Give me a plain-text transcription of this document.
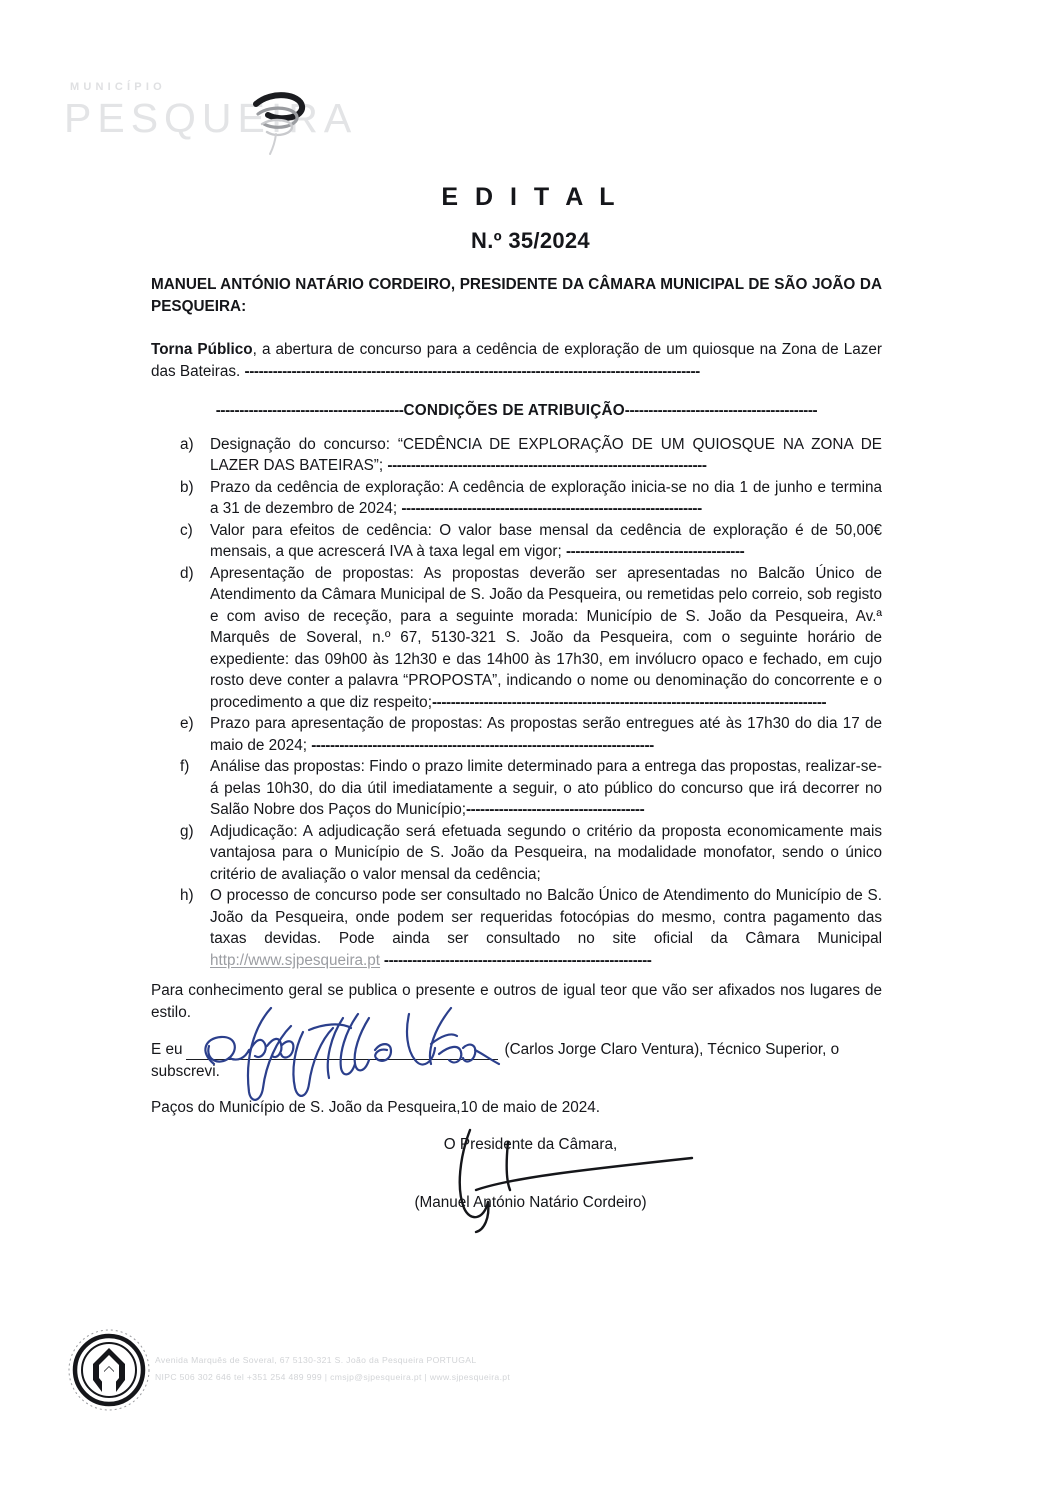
MUNICÍPIO
PESQUEIRA
E D I T A L
N.º 35/2024

MANUEL ANTÓNIO NATÁRIO CORDEIRO, PRESIDENTE DA CÂMARA MUNICIPAL DE SÃO JOÃO DA PESQUEIRA:

Torna Público, a abertura de concurso para a cedência de exploração de um quiosque na Zona de Lazer das Bateiras. -------------------------------------------------------------------------------------------------

----------------------------------------CONDIÇÕES DE ATRIBUIÇÃO-----------------------------------------
a)	Designação do concurso: “CEDÊNCIA DE EXPLORAÇÃO DE UM QUIOSQUE NA ZONA DE LAZER DAS BATEIRAS”; --------------------------------------------------------------------
b)	Prazo da cedência de exploração: A cedência de exploração inicia-se no dia 1 de junho e termina a 31 de dezembro de 2024; ----------------------------------------------------------------
c)	Valor para efeitos de cedência: O valor base mensal da cedência de exploração é de 50,00€ mensais, a que acrescerá IVA à taxa legal em vigor; --------------------------------------
d)	Apresentação de propostas: As propostas deverão ser apresentadas no Balcão Único de Atendimento da Câmara Municipal de S. João da Pesqueira, ou remetidas pelo correio, sob registo e com aviso de receção, para a seguinte morada: Município de S. João da Pesqueira, Av.ª Marquês de Soveral, n.º 67, 5130-321 S. João da Pesqueira, com o seguinte horário de expediente: das 09h00 às 12h30 e das 14h00 às 17h30, em invólucro opaco e fechado, em cujo rosto deve conter a palavra “PROPOSTA”, indicando o nome ou denominação do concorrente e o procedimento a que diz respeito;------------------------------------------------------------------------------------
e)	Prazo para apresentação de propostas: As propostas serão entregues até às 17h30 do dia 17 de maio de 2024; -------------------------------------------------------------------------
f)	Análise das propostas: Findo o prazo limite determinado para a entrega das propostas, realizar-se-á pelas 10h30, do dia útil imediatamente a seguir, o ato público do concurso que irá decorrer no Salão Nobre dos Paços do Município;--------------------------------------
g)	Adjudicação: A adjudicação será efetuada segundo o critério da proposta economicamente mais vantajosa para o Município de S. João da Pesqueira, na modalidade monofator, sendo o único critério de avaliação o valor mensal da cedência;
h)	O processo de concurso pode ser consultado no Balcão Único de Atendimento do Município de S. João da Pesqueira, onde podem ser requeridas fotocópias do mesmo, contra pagamento das taxas devidas. Pode ainda ser consultado no site oficial da Câmara Municipal http://www.sjpesqueira.pt ---------------------------------------------------------

Para conhecimento geral se publica o presente e outros de igual teor que vão ser afixados nos lugares de estilo.

E eu	(Carlos Jorge Claro Ventura), Técnico Superior, o subscrevi.

Paços do Município de S. João da Pesqueira,10 de maio de 2024.

O Presidente da Câmara,
(Manuel António Natário Cordeiro)
Avenida Marquês de Soveral, 67 5130-321 S. João da Pesqueira PORTUGAL
NIPC 506 302 646 tel +351 254 489 999 | cmsjp@sjpesqueira.pt | www.sjpesqueira.pt
